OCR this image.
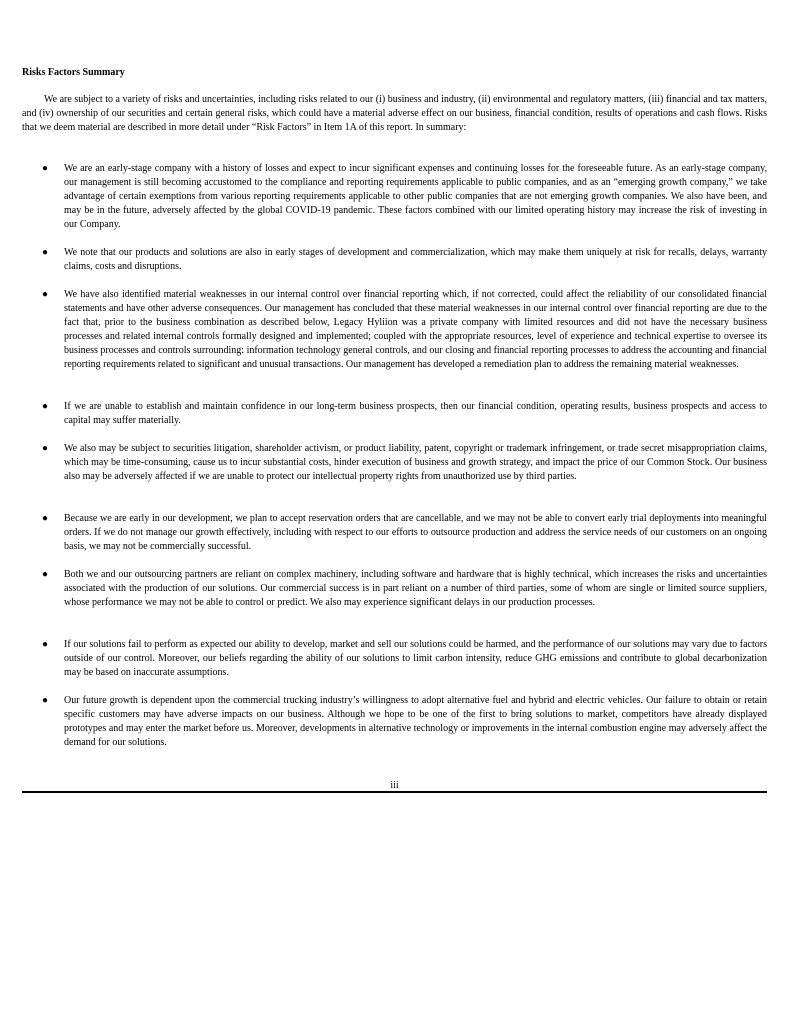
Risks Factors Summary

We are subject to a variety of risks and uncertainties, including risks related to our (i) business and industry, (ii) environmental and regulatory matters, (iii) financial and tax matters, and (iv) ownership of our securities and certain general risks, which could have a material adverse effect on our business, financial condition, results of operations and cash flows. Risks that we deem material are described in more detail under “Risk Factors” in Item 1A of this report. In summary:

● We are an early-stage company with a history of losses and expect to incur significant expenses and continuing losses for the foreseeable future. As an early-stage company, our management is still becoming accustomed to the compliance and reporting requirements applicable to public companies, and as an “emerging growth company,” we take advantage of certain exemptions from various reporting requirements applicable to other public companies that are not emerging growth companies. We also have been, and may be in the future, adversely affected by the global COVID-19 pandemic. These factors combined with our limited operating history may increase the risk of investing in our Company.

● We note that our products and solutions are also in early stages of development and commercialization, which may make them uniquely at risk for recalls, delays, warranty claims, costs and disruptions.

● We have also identified material weaknesses in our internal control over financial reporting which, if not corrected, could affect the reliability of our consolidated financial statements and have other adverse consequences. Our management has concluded that these material weaknesses in our internal control over financial reporting are due to the fact that, prior to the business combination as described below, Legacy Hyliion was a private company with limited resources and did not have the necessary business processes and related internal controls formally designed and implemented; coupled with the appropriate resources, level of experience and technical expertise to oversee its business processes and controls surrounding: information technology general controls, and our closing and financial reporting processes to address the accounting and financial reporting requirements related to significant and unusual transactions. Our management has developed a remediation plan to address the remaining material weaknesses.

● If we are unable to establish and maintain confidence in our long-term business prospects, then our financial condition, operating results, business prospects and access to capital may suffer materially.

● We also may be subject to securities litigation, shareholder activism, or product liability, patent, copyright or trademark infringement, or trade secret misappropriation claims, which may be time-consuming, cause us to incur substantial costs, hinder execution of business and growth strategy, and impact the price of our Common Stock. Our business also may be adversely affected if we are unable to protect our intellectual property rights from unauthorized use by third parties.

● Because we are early in our development, we plan to accept reservation orders that are cancellable, and we may not be able to convert early trial deployments into meaningful orders. If we do not manage our growth effectively, including with respect to our efforts to outsource production and address the service needs of our customers on an ongoing basis, we may not be commercially successful.

● Both we and our outsourcing partners are reliant on complex machinery, including software and hardware that is highly technical, which increases the risks and uncertainties associated with the production of our solutions. Our commercial success is in part reliant on a number of third parties, some of whom are single or limited source suppliers, whose performance we may not be able to control or predict. We also may experience significant delays in our production processes.

● If our solutions fail to perform as expected our ability to develop, market and sell our solutions could be harmed, and the performance of our solutions may vary due to factors outside of our control. Moreover, our beliefs regarding the ability of our solutions to limit carbon intensity, reduce GHG emissions and contribute to global decarbonization may be based on inaccurate assumptions.

● Our future growth is dependent upon the commercial trucking industry’s willingness to adopt alternative fuel and hybrid and electric vehicles. Our failure to obtain or retain specific customers may have adverse impacts on our business. Although we hope to be one of the first to bring solutions to market, competitors have already displayed prototypes and may enter the market before us. Moreover, developments in alternative technology or improvements in the internal combustion engine may adversely affect the demand for our solutions.

iii
